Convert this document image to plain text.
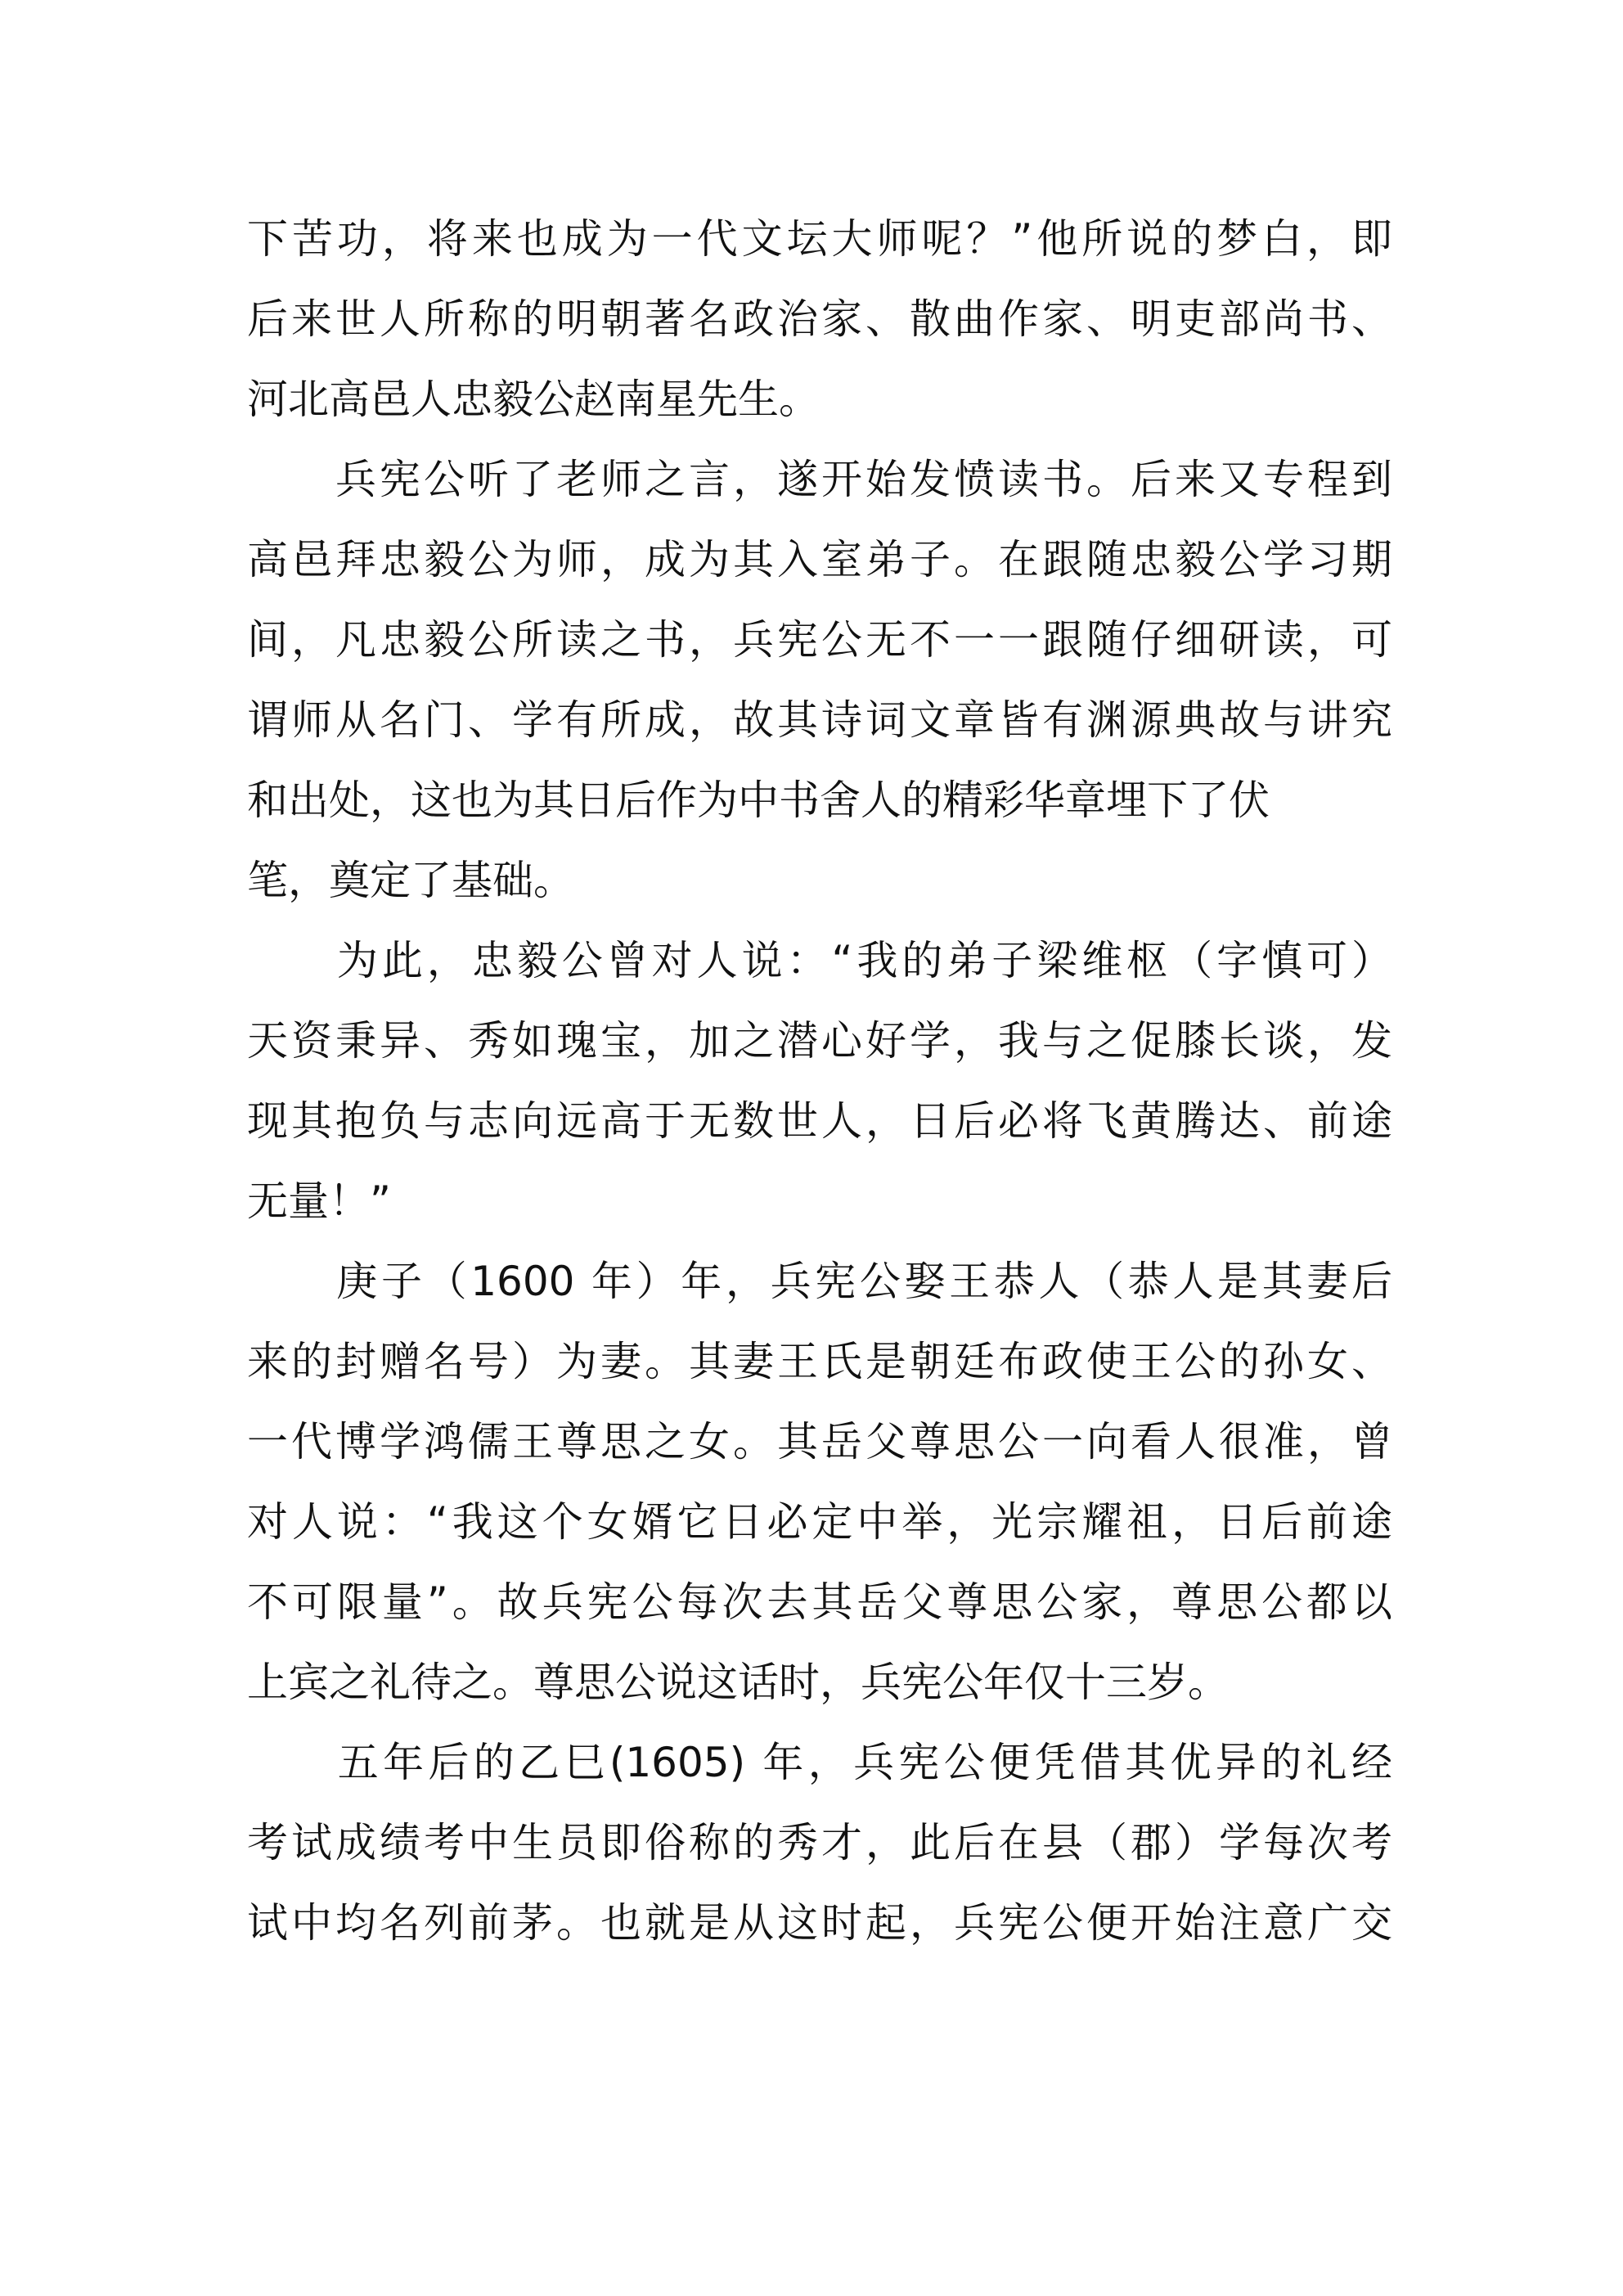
下苦功，将来也成为一代文坛大师呢？”他所说的梦白，即
后来世人所称的明朝著名政治家、散曲作家、明吏部尚书、
河北高邑人忠毅公赵南星先生。
　　兵宪公听了老师之言，遂开始发愤读书。后来又专程到
高邑拜忠毅公为师，成为其入室弟子。在跟随忠毅公学习期
间，凡忠毅公所读之书，兵宪公无不一一跟随仔细研读，可
谓师从名门、学有所成，故其诗词文章皆有渊源典故与讲究
和出处，这也为其日后作为中书舍人的精彩华章埋下了伏
笔，奠定了基础。
　　为此，忠毅公曾对人说：“我的弟子梁维枢（字慎可）
天资秉异、秀如瑰宝，加之潜心好学，我与之促膝长谈，发
现其抱负与志向远高于无数世人，日后必将飞黄腾达、前途
无量！”
　　庚子（1600 年）年，兵宪公娶王恭人（恭人是其妻后
来的封赠名号）为妻。其妻王氏是朝廷布政使王公的孙女、
一代博学鸿儒王尊思之女。其岳父尊思公一向看人很准，曾
对人说：“我这个女婿它日必定中举，光宗耀祖，日后前途
不可限量”。故兵宪公每次去其岳父尊思公家，尊思公都以
上宾之礼待之。尊思公说这话时，兵宪公年仅十三岁。
　　五年后的乙巳(1605) 年，兵宪公便凭借其优异的礼经
考试成绩考中生员即俗称的秀才，此后在县（郡）学每次考
试中均名列前茅。也就是从这时起，兵宪公便开始注意广交
